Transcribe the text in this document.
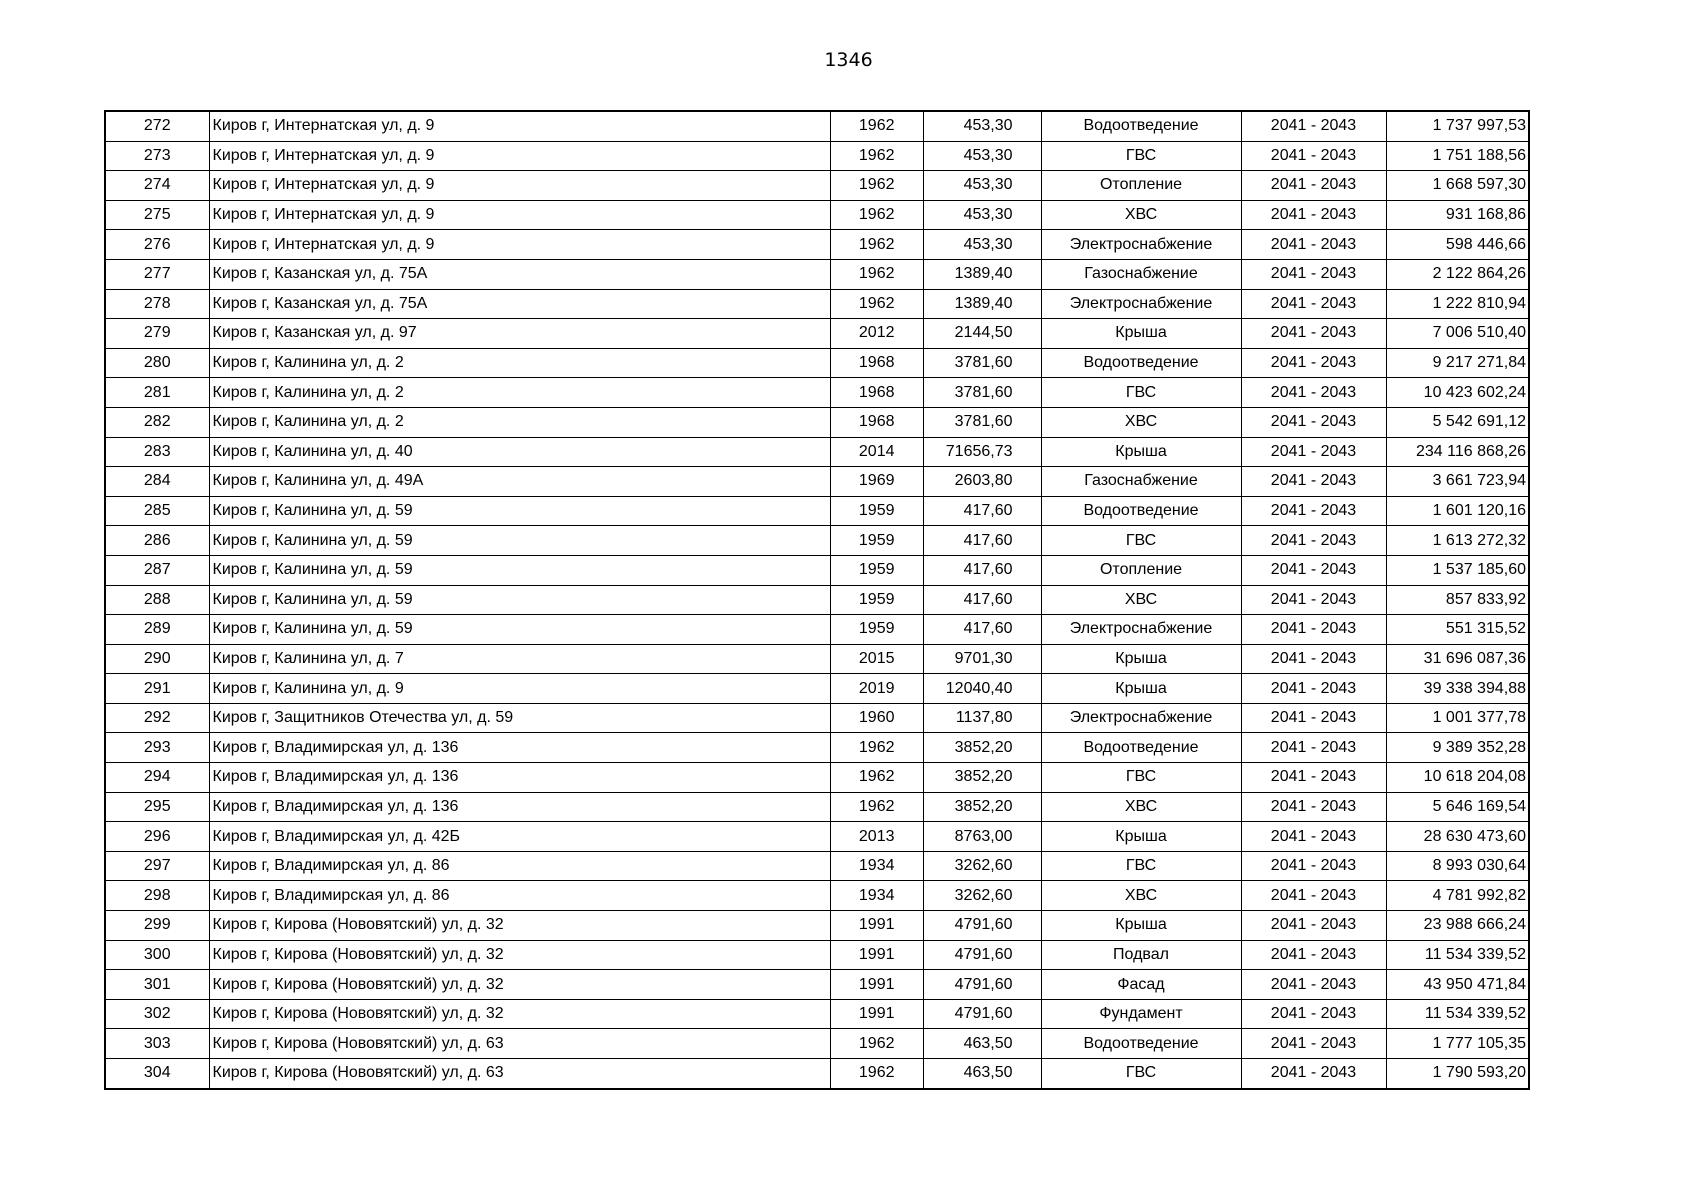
1346
272	Киров г, Интернатская ул, д. 9	1962	453,30	Водоотведение	2041 - 2043	1 737 997,53
273	Киров г, Интернатская ул, д. 9	1962	453,30	ГВС	2041 - 2043	1 751 188,56
274	Киров г, Интернатская ул, д. 9	1962	453,30	Отопление	2041 - 2043	1 668 597,30
275	Киров г, Интернатская ул, д. 9	1962	453,30	ХВС	2041 - 2043	931 168,86
276	Киров г, Интернатская ул, д. 9	1962	453,30	Электроснабжение	2041 - 2043	598 446,66
277	Киров г, Казанская ул, д. 75А	1962	1389,40	Газоснабжение	2041 - 2043	2 122 864,26
278	Киров г, Казанская ул, д. 75А	1962	1389,40	Электроснабжение	2041 - 2043	1 222 810,94
279	Киров г, Казанская ул, д. 97	2012	2144,50	Крыша	2041 - 2043	7 006 510,40
280	Киров г, Калинина ул, д. 2	1968	3781,60	Водоотведение	2041 - 2043	9 217 271,84
281	Киров г, Калинина ул, д. 2	1968	3781,60	ГВС	2041 - 2043	10 423 602,24
282	Киров г, Калинина ул, д. 2	1968	3781,60	ХВС	2041 - 2043	5 542 691,12
283	Киров г, Калинина ул, д. 40	2014	71656,73	Крыша	2041 - 2043	234 116 868,26
284	Киров г, Калинина ул, д. 49А	1969	2603,80	Газоснабжение	2041 - 2043	3 661 723,94
285	Киров г, Калинина ул, д. 59	1959	417,60	Водоотведение	2041 - 2043	1 601 120,16
286	Киров г, Калинина ул, д. 59	1959	417,60	ГВС	2041 - 2043	1 613 272,32
287	Киров г, Калинина ул, д. 59	1959	417,60	Отопление	2041 - 2043	1 537 185,60
288	Киров г, Калинина ул, д. 59	1959	417,60	ХВС	2041 - 2043	857 833,92
289	Киров г, Калинина ул, д. 59	1959	417,60	Электроснабжение	2041 - 2043	551 315,52
290	Киров г, Калинина ул, д. 7	2015	9701,30	Крыша	2041 - 2043	31 696 087,36
291	Киров г, Калинина ул, д. 9	2019	12040,40	Крыша	2041 - 2043	39 338 394,88
292	Киров г, Защитников Отечества ул, д. 59	1960	1137,80	Электроснабжение	2041 - 2043	1 001 377,78
293	Киров г, Владимирская ул, д. 136	1962	3852,20	Водоотведение	2041 - 2043	9 389 352,28
294	Киров г, Владимирская ул, д. 136	1962	3852,20	ГВС	2041 - 2043	10 618 204,08
295	Киров г, Владимирская ул, д. 136	1962	3852,20	ХВС	2041 - 2043	5 646 169,54
296	Киров г, Владимирская ул, д. 42Б	2013	8763,00	Крыша	2041 - 2043	28 630 473,60
297	Киров г, Владимирская ул, д. 86	1934	3262,60	ГВС	2041 - 2043	8 993 030,64
298	Киров г, Владимирская ул, д. 86	1934	3262,60	ХВС	2041 - 2043	4 781 992,82
299	Киров г, Кирова (Нововятский) ул, д. 32	1991	4791,60	Крыша	2041 - 2043	23 988 666,24
300	Киров г, Кирова (Нововятский) ул, д. 32	1991	4791,60	Подвал	2041 - 2043	11 534 339,52
301	Киров г, Кирова (Нововятский) ул, д. 32	1991	4791,60	Фасад	2041 - 2043	43 950 471,84
302	Киров г, Кирова (Нововятский) ул, д. 32	1991	4791,60	Фундамент	2041 - 2043	11 534 339,52
303	Киров г, Кирова (Нововятский) ул, д. 63	1962	463,50	Водоотведение	2041 - 2043	1 777 105,35
304	Киров г, Кирова (Нововятский) ул, д. 63	1962	463,50	ГВС	2041 - 2043	1 790 593,20
